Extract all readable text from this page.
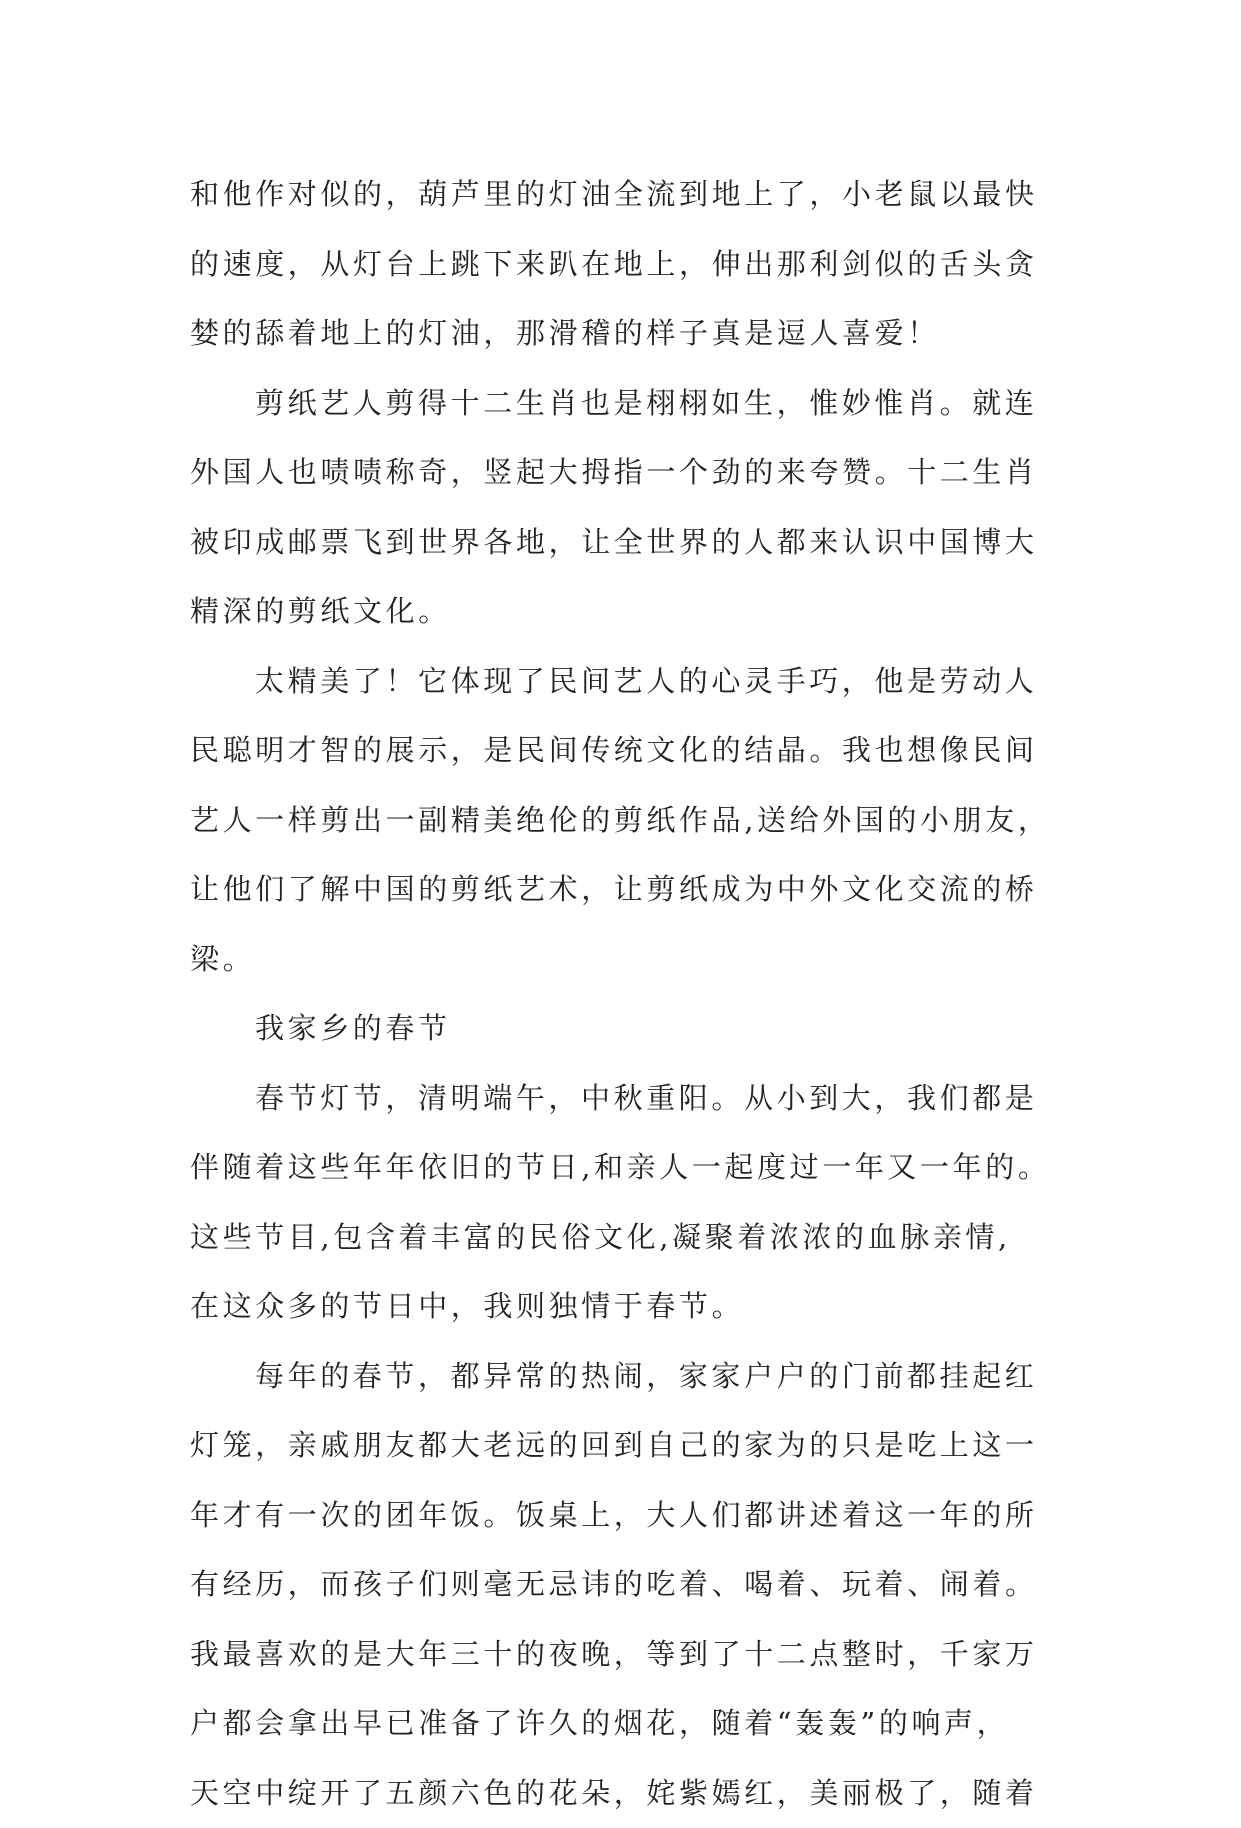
和他作对似的，葫芦里的灯油全流到地上了，小老鼠以最快

的速度，从灯台上跳下来趴在地上，伸出那利剑似的舌头贪

婪的舔着地上的灯油，那滑稽的样子真是逗人喜爱！

剪纸艺人剪得十二生肖也是栩栩如生，惟妙惟肖。就连

外国人也啧啧称奇，竖起大拇指一个劲的来夸赞。十二生肖

被印成邮票飞到世界各地，让全世界的人都来认识中国博大

精深的剪纸文化。

太精美了！它体现了民间艺人的心灵手巧，他是劳动人

民聪明才智的展示，是民间传统文化的结晶。我也想像民间

艺人一样剪出一副精美绝伦的剪纸作品,送给外国的小朋友，

让他们了解中国的剪纸艺术，让剪纸成为中外文化交流的桥

梁。

我家乡的春节

春节灯节，清明端午，中秋重阳。从小到大，我们都是

伴随着这些年年依旧的节日,和亲人一起度过一年又一年的。

这些节目,包含着丰富的民俗文化,凝聚着浓浓的血脉亲情,

在这众多的节日中，我则独情于春节。

每年的春节，都异常的热闹，家家户户的门前都挂起红

灯笼，亲戚朋友都大老远的回到自己的家为的只是吃上这一

年才有一次的团年饭。饭桌上，大人们都讲述着这一年的所

有经历，而孩子们则毫无忌讳的吃着、喝着、玩着、闹着。

我最喜欢的是大年三十的夜晚，等到了十二点整时，千家万

户都会拿出早已准备了许久的烟花，随着“轰轰”的响声，

天空中绽开了五颜六色的花朵，姹紫嫣红，美丽极了，随着
